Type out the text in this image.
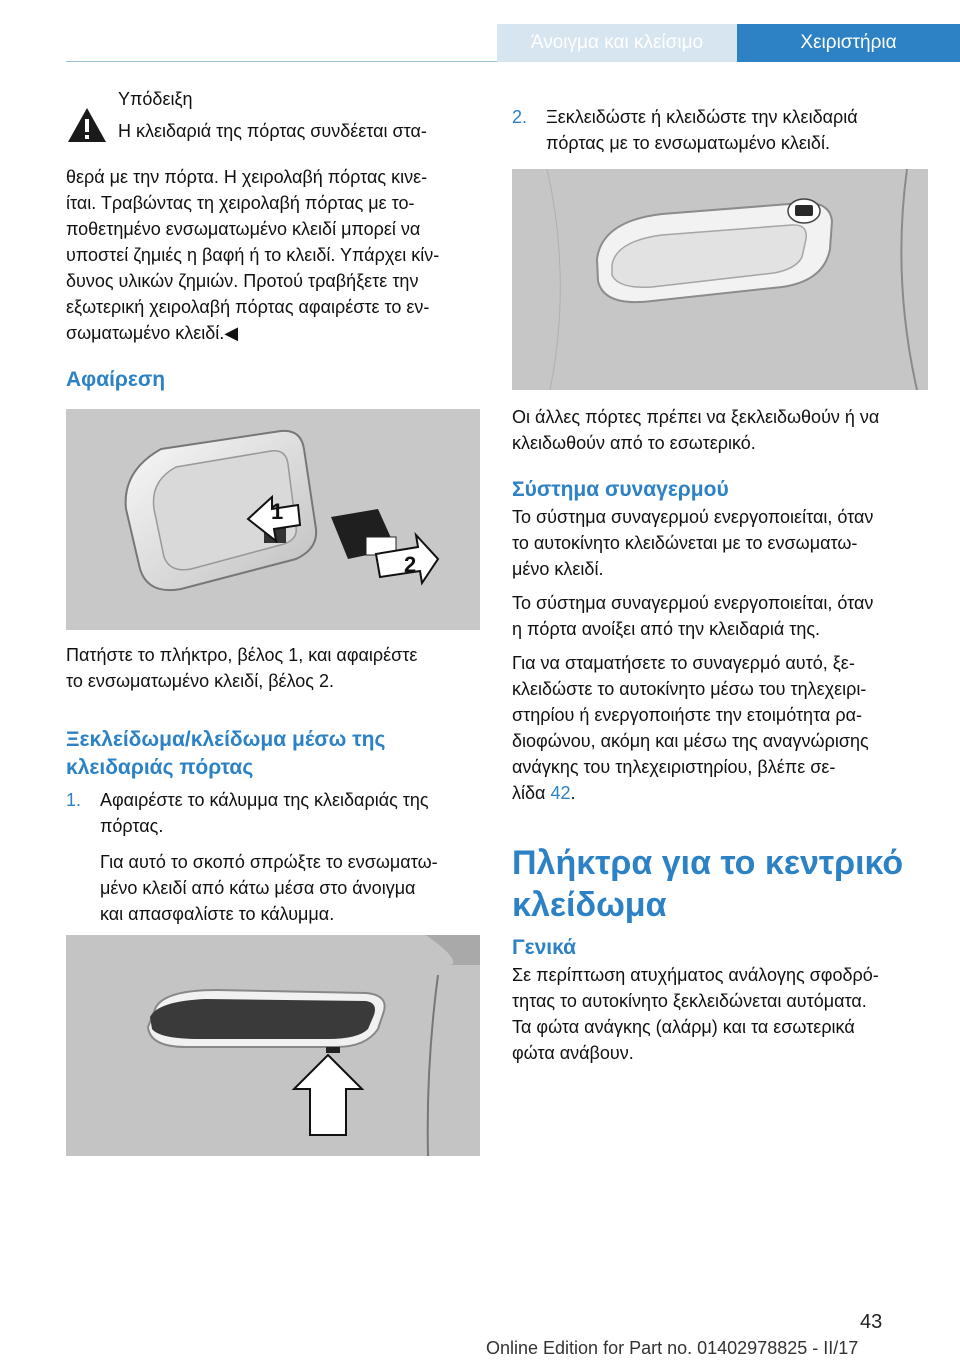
Άνοιγμα και κλείσιμο	Χειριστήρια

Υπόδειξη

Η κλειδαριά της πόρτας συνδέεται στα-

θερά με την πόρτα. Η χειρολαβή πόρτας κινε-
ίται. Τραβώντας τη χειρολαβή πόρτας με το-
ποθετημένο ενσωματωμένο κλειδί μπορεί να
υποστεί ζημιές η βαφή ή το κλειδί. Υπάρχει κίν-
δυνος υλικών ζημιών. Προτού τραβήξετε την
εξωτερική χειρολαβή πόρτας αφαιρέστε το εν-
σωματωμένο κλειδί.◀

Αφαίρεση

1
2
Πατήστε το πλήκτρο, βέλος 1, και αφαιρέστε
το ενσωματωμένο κλειδί, βέλος 2.
Ξεκλείδωμα/κλείδωμα μέσω της
κλειδαριάς πόρτας
1. Αφαιρέστε το κάλυμμα της κλειδαριάς της
πόρτας.
Για αυτό το σκοπό σπρώξτε το ενσωματω-
μένο κλειδί από κάτω μέσα στο άνοιγμα
και απασφαλίστε το κάλυμμα.
2. Ξεκλειδώστε ή κλειδώστε την κλειδαριά
πόρτας με το ενσωματωμένο κλειδί.
Οι άλλες πόρτες πρέπει να ξεκλειδωθούν ή να
κλειδωθούν από το εσωτερικό.

Σύστημα συναγερμού

Το σύστημα συναγερμού ενεργοποιείται, όταν
το αυτοκίνητο κλειδώνεται με το ενσωματω-
μένο κλειδί.
Το σύστημα συναγερμού ενεργοποιείται, όταν
η πόρτα ανοίξει από την κλειδαριά της.
Για να σταματήσετε το συναγερμό αυτό, ξε-
κλειδώστε το αυτοκίνητο μέσω του τηλεχειρι-
στηρίου ή ενεργοποιήστε την ετοιμότητα ρα-
διοφώνου, ακόμη και μέσω της αναγνώρισης
ανάγκης του τηλεχειριστηρίου, βλέπε σε-
λίδα 42.
Πλήκτρα για το κεντρικό
κλείδωμα

Γενικά

Σε περίπτωση ατυχήματος ανάλογης σφοδρό-
τητας το αυτοκίνητο ξεκλειδώνεται αυτόματα.
Τα φώτα ανάγκης (αλάρμ) και τα εσωτερικά
φώτα ανάβουν.
43
Online Edition for Part no. 01402978825 - II/17
